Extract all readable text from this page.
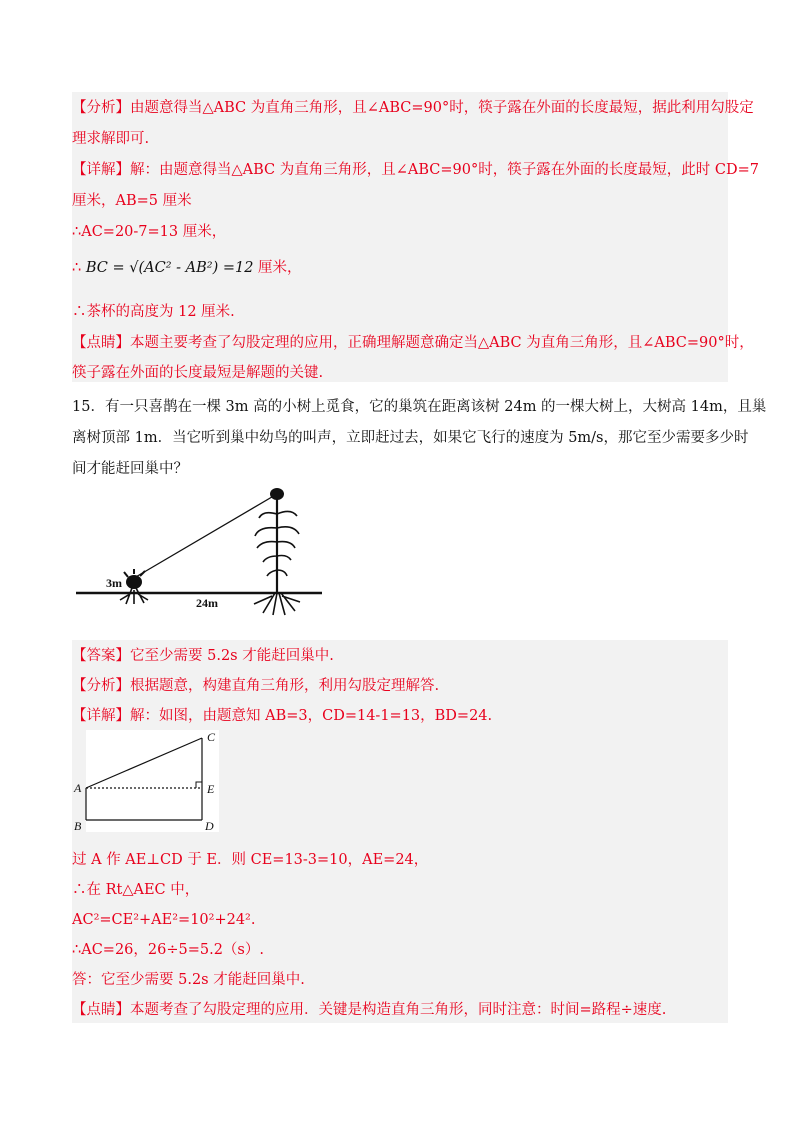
【分析】由题意得当△ABC 为直角三角形，且∠ABC=90°时，筷子露在外面的长度最短，据此利用勾股定
理求解即可.
【详解】解：由题意得当△ABC 为直角三角形，且∠ABC=90°时，筷子露在外面的长度最短，此时 CD=7
厘米，AB=5 厘米
∴AC=20-7=13 厘米，
∴ BC = √(AC² - AB²) =12 厘米，
∴茶杯的高度为 12 厘米.
【点睛】本题主要考查了勾股定理的应用，正确理解题意确定当△ABC 为直角三角形，且∠ABC=90°时，
筷子露在外面的长度最短是解题的关键.
15．有一只喜鹊在一棵 3m 高的小树上觅食，它的巢筑在距离该树 24m 的一棵大树上，大树高 14m，且巢
离树顶部 1m．当它听到巢中幼鸟的叫声，立即赶过去，如果它飞行的速度为 5m/s，那它至少需要多少时
间才能赶回巢中？
3m
24m
【答案】它至少需要 5.2s 才能赶回巢中.
【分析】根据题意，构建直角三角形，利用勾股定理解答.
【详解】解：如图，由题意知 AB=3，CD=14-1=13，BD=24.
A
B
C
E
D
过 A 作 AE⊥CD 于 E．则 CE=13-3=10，AE=24，
∴在 Rt△AEC 中，
AC²=CE²+AE²=10²+24².
∴AC=26，26÷5=5.2（s）.
答：它至少需要 5.2s 才能赶回巢中.
【点睛】本题考查了勾股定理的应用．关键是构造直角三角形，同时注意：时间=路程÷速度.
